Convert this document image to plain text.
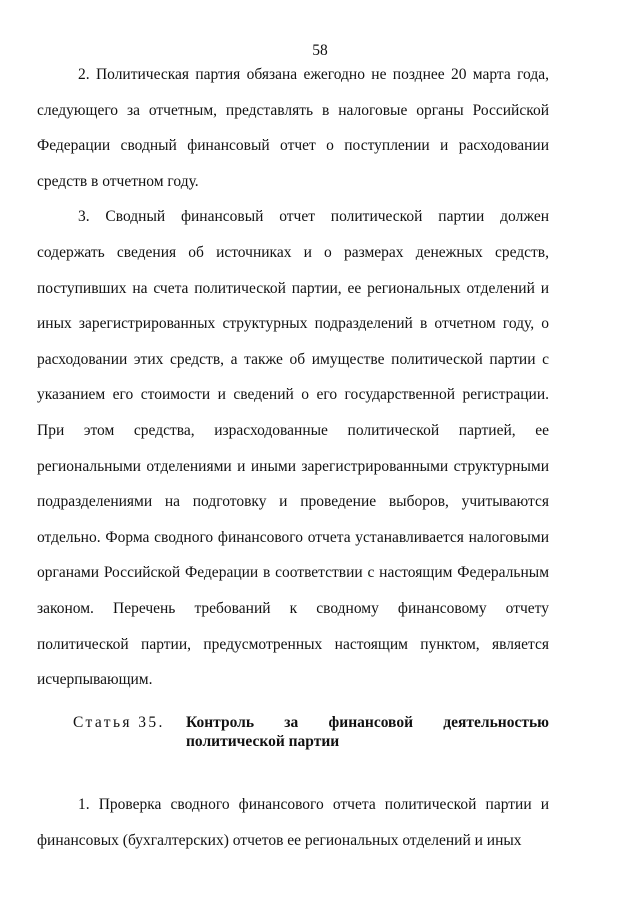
58

2. Политическая партия обязана ежегодно не позднее 20 марта года, следующего за отчетным, представлять в налоговые органы Российской Федерации сводный финансовый отчет о поступлении и расходовании средств в отчетном году.

3. Сводный финансовый отчет политической партии должен содержать сведения об источниках и о размерах денежных средств, поступивших на счета политической партии, ее региональных отделений и иных зарегистрированных структурных подразделений в отчетном году, о расходовании этих средств, а также об имуществе политической партии с указанием его стоимости и сведений о его государственной регистрации. При этом средства, израсходованные политической партией, ее региональными отделениями и иными зарегистрированными структурными подразделениями на подготовку и проведение выборов, учитываются отдельно. Форма сводного финансового отчета устанавливается налоговыми органами Российской Федерации в соответствии с настоящим Федеральным законом. Перечень требований к сводному финансовому отчету политической партии, предусмотренных настоящим пунктом, является исчерпывающим.

Статья 35.	Контроль за финансовой деятельностью
политической партии

1. Проверка сводного финансового отчета политической партии и финансовых (бухгалтерских) отчетов ее региональных отделений и иных
